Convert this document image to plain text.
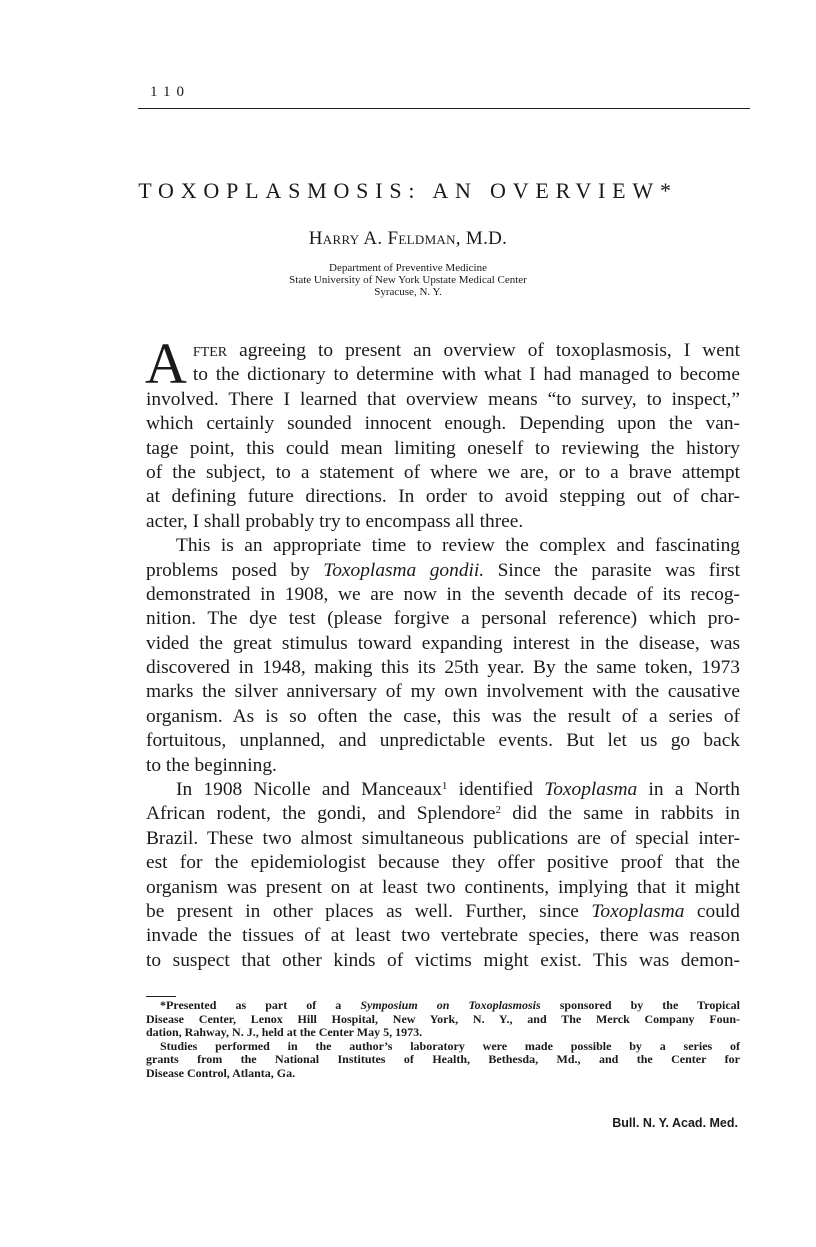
110
TOXOPLASMOSIS: AN OVERVIEW*
Harry A. Feldman, M.D.
Department of Preventive Medicine
State University of New York Upstate Medical Center
Syracuse, N. Y.
A fter agreeing to present an overview of toxoplasmosis, I went
to the dictionary to determine with what I had managed to become
involved. There I learned that overview means “to survey, to inspect,”
which certainly sounded innocent enough. Depending upon the van-
tage point, this could mean limiting oneself to reviewing the history
of the subject, to a statement of where we are, or to a brave attempt
at defining future directions. In order to avoid stepping out of char-
acter, I shall probably try to encompass all three.
This is an appropriate time to review the complex and fascinating
problems posed by Toxoplasma gondii. Since the parasite was first
demonstrated in 1908, we are now in the seventh decade of its recog-
nition. The dye test (please forgive a personal reference) which pro-
vided the great stimulus toward expanding interest in the disease, was
discovered in 1948, making this its 25th year. By the same token, 1973
marks the silver anniversary of my own involvement with the causative
organism. As is so often the case, this was the result of a series of
fortuitous, unplanned, and unpredictable events. But let us go back
to the beginning.
In 1908 Nicolle and Manceaux$^1$ identified Toxoplasma in a North
African rodent, the gondi, and Splendore$^2$ did the same in rabbits in
Brazil. These two almost simultaneous publications are of special inter-
est for the epidemiologist because they offer positive proof that the
organism was present on at least two continents, implying that it might
be present in other places as well. Further, since Toxoplasma could
invade the tissues of at least two vertebrate species, there was reason
to suspect that other kinds of victims might exist. This was demon-
*Presented as part of a Symposium on Toxoplasmosis sponsored by the Tropical
Disease Center, Lenox Hill Hospital, New York, N. Y., and The Merck Company Foun-
dation, Rahway, N. J., held at the Center May 5, 1973.
Studies performed in the author’s laboratory were made possible by a series of
grants from the National Institutes of Health, Bethesda, Md., and the Center for
Disease Control, Atlanta, Ga.
Bull. N. Y. Acad. Med.
